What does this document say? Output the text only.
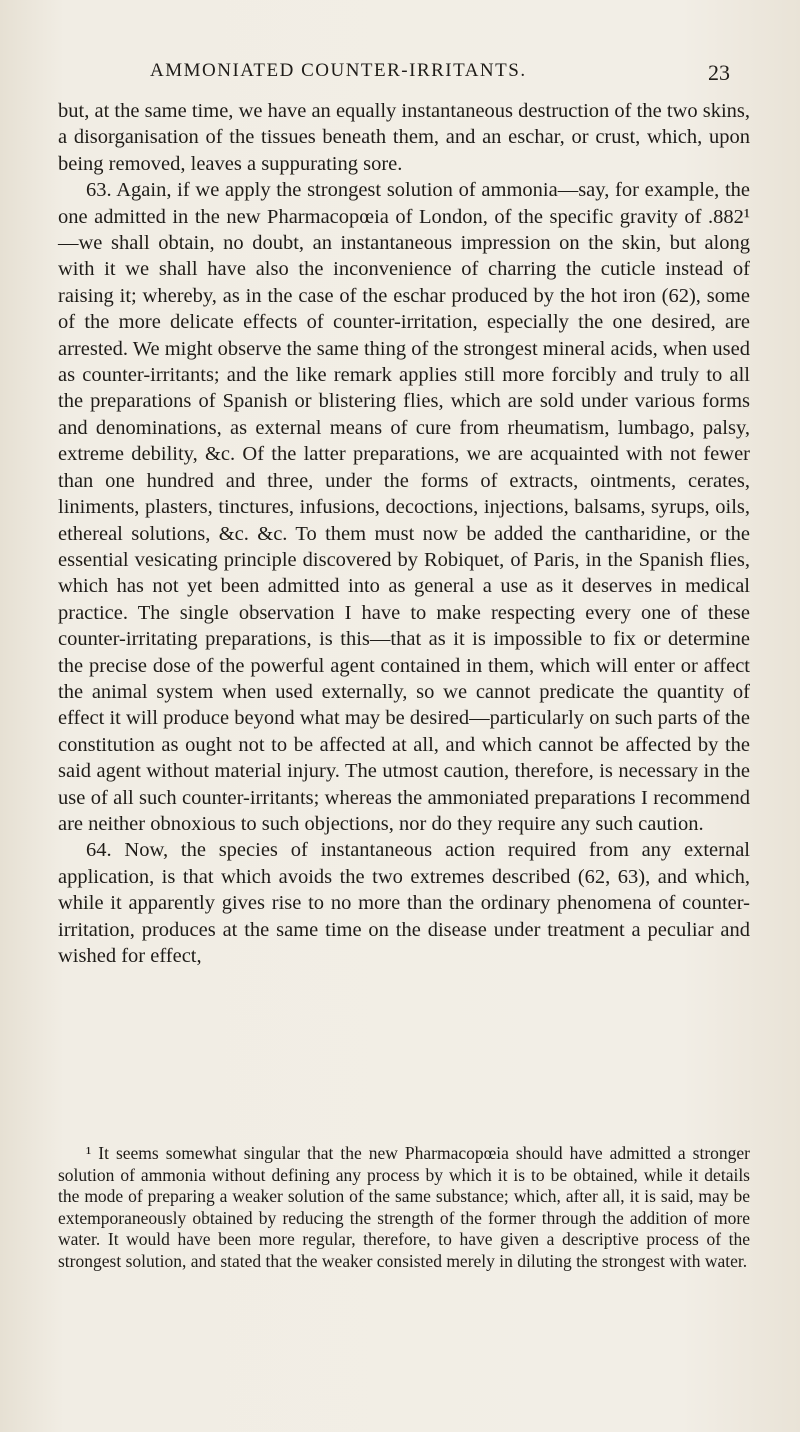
AMMONIATED COUNTER-IRRITANTS.	23

but, at the same time, we have an equally instantaneous destruction of the two skins, a disorganisation of the tissues beneath them, and an eschar, or crust, which, upon being removed, leaves a suppurating sore.

63. Again, if we apply the strongest solution of ammonia—say, for example, the one admitted in the new Pharmacopœia of London, of the specific gravity of .882¹—we shall obtain, no doubt, an instantaneous impression on the skin, but along with it we shall have also the inconvenience of charring the cuticle instead of raising it; whereby, as in the case of the eschar produced by the hot iron (62), some of the more delicate effects of counter-irritation, especially the one desired, are arrested. We might observe the same thing of the strongest mineral acids, when used as counter-irritants; and the like remark applies still more forcibly and truly to all the preparations of Spanish or blistering flies, which are sold under various forms and denominations, as external means of cure from rheumatism, lumbago, palsy, extreme debility, &c. Of the latter preparations, we are acquainted with not fewer than one hundred and three, under the forms of extracts, ointments, cerates, liniments, plasters, tinctures, infusions, decoctions, injections, balsams, syrups, oils, ethereal solutions, &c. &c. To them must now be added the cantharidine, or the essential vesicating principle discovered by Robiquet, of Paris, in the Spanish flies, which has not yet been admitted into as general a use as it deserves in medical practice. The single observation I have to make respecting every one of these counter-irritating preparations, is this—that as it is impossible to fix or determine the precise dose of the powerful agent contained in them, which will enter or affect the animal system when used externally, so we cannot predicate the quantity of effect it will produce beyond what may be desired—particularly on such parts of the constitution as ought not to be affected at all, and which cannot be affected by the said agent without material injury. The utmost caution, therefore, is necessary in the use of all such counter-irritants; whereas the ammoniated preparations I recommend are neither obnoxious to such objections, nor do they require any such caution.

64. Now, the species of instantaneous action required from any external application, is that which avoids the two extremes described (62, 63), and which, while it apparently gives rise to no more than the ordinary phenomena of counter-irritation, produces at the same time on the disease under treatment a peculiar and wished for effect,

¹ It seems somewhat singular that the new Pharmacopœia should have admitted a stronger solution of ammonia without defining any process by which it is to be obtained, while it details the mode of preparing a weaker solution of the same substance; which, after all, it is said, may be extemporaneously obtained by reducing the strength of the former through the addition of more water. It would have been more regular, therefore, to have given a descriptive process of the strongest solution, and stated that the weaker consisted merely in diluting the strongest with water.
